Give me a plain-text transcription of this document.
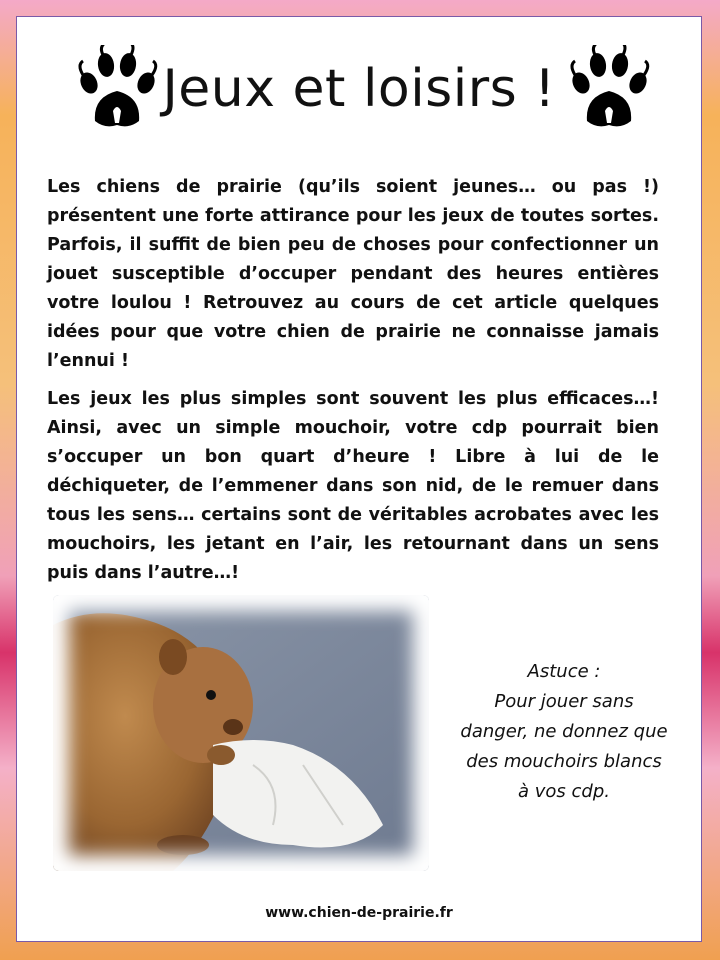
Jeux et loisirs !

Les chiens de prairie (qu’ils soient jeunes… ou pas !) présentent une forte attirance pour les jeux de toutes sortes. Parfois, il suffit de bien peu de choses pour confectionner un jouet susceptible d’occuper pendant des heures entières votre loulou ! Retrouvez au cours de cet article quelques idées pour que votre chien de prairie ne connaisse jamais l’ennui !

Les jeux les plus simples sont souvent les plus efficaces…! Ainsi, avec un simple mouchoir, votre cdp pourrait bien s’occuper un bon quart d’heure ! Libre à lui de le déchiqueter, de l’emmener dans son nid, de le remuer dans tous les sens… certains sont de véritables acrobates avec les mouchoirs, les jetant en l’air, les retournant dans un sens puis dans l’autre…!

Astuce :
Pour jouer sans
danger, ne donnez que
des mouchoirs blancs
à vos cdp.
www.chien-de-prairie.fr
